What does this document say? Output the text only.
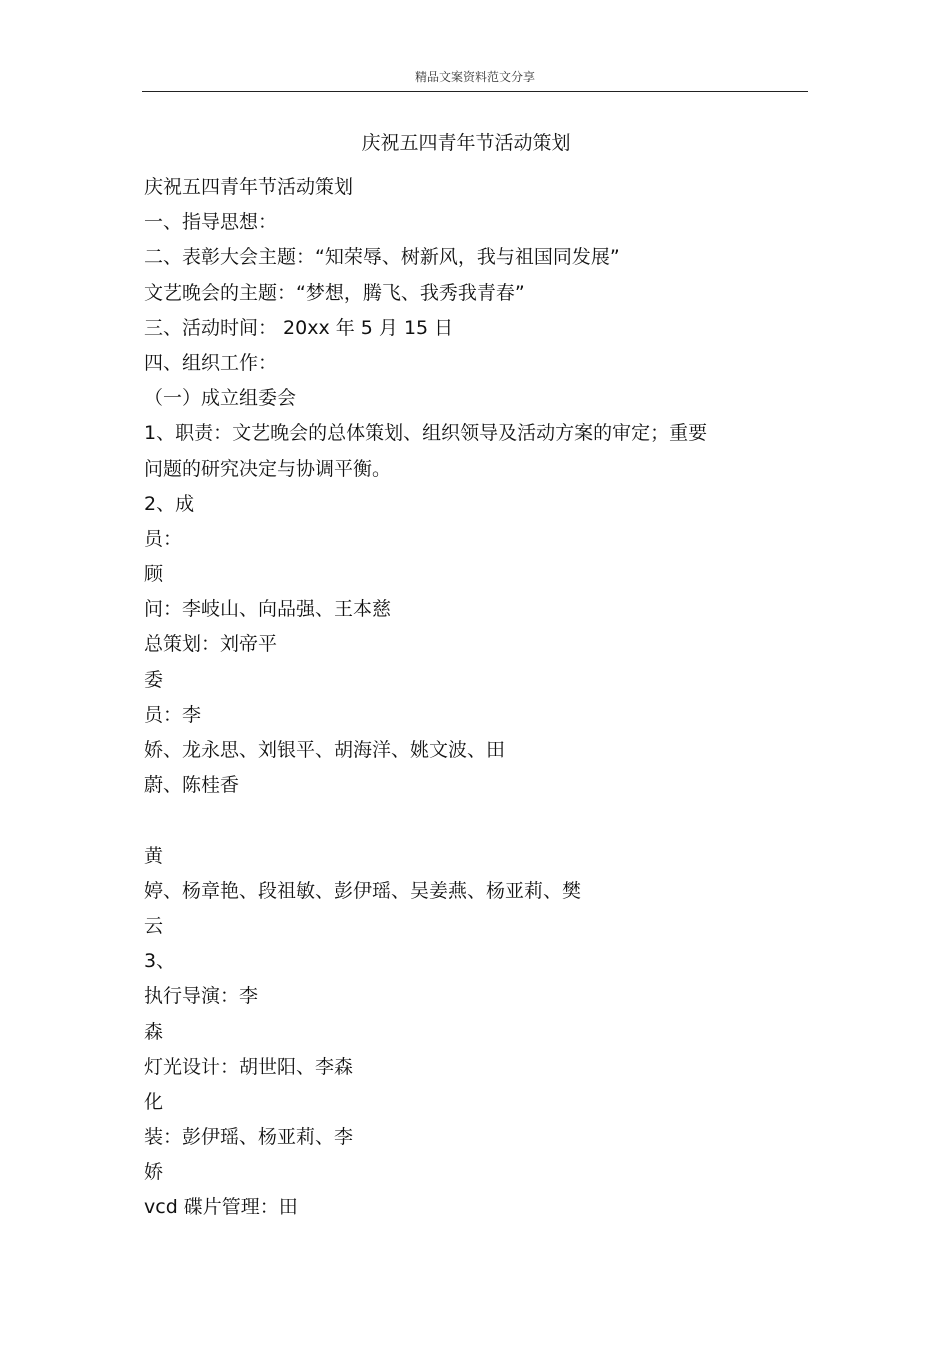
精品文案资料范文分享
庆祝五四青年节活动策划
庆祝五四青年节活动策划
一、指导思想：
二、表彰大会主题：“知荣辱、树新风，我与祖国同发展”
文艺晚会的主题：“梦想，腾飞、我秀我青春”
三、活动时间： 20xx 年 5 月 15 日
四、组织工作：
（一）成立组委会
1、职责：文艺晚会的总体策划、组织领导及活动方案的审定；重要
问题的研究决定与协调平衡。
2、成
员：
顾
问：李岐山、向品强、王本慈
总策划：刘帝平
委
员：李
娇、龙永思、刘银平、胡海洋、姚文波、田
蔚、陈桂香
黄
婷、杨章艳、段祖敏、彭伊瑶、吴姜燕、杨亚莉、樊
云
3、
执行导演：李
森
灯光设计：胡世阳、李森
化
装：彭伊瑶、杨亚莉、李
娇
vcd 碟片管理：田
